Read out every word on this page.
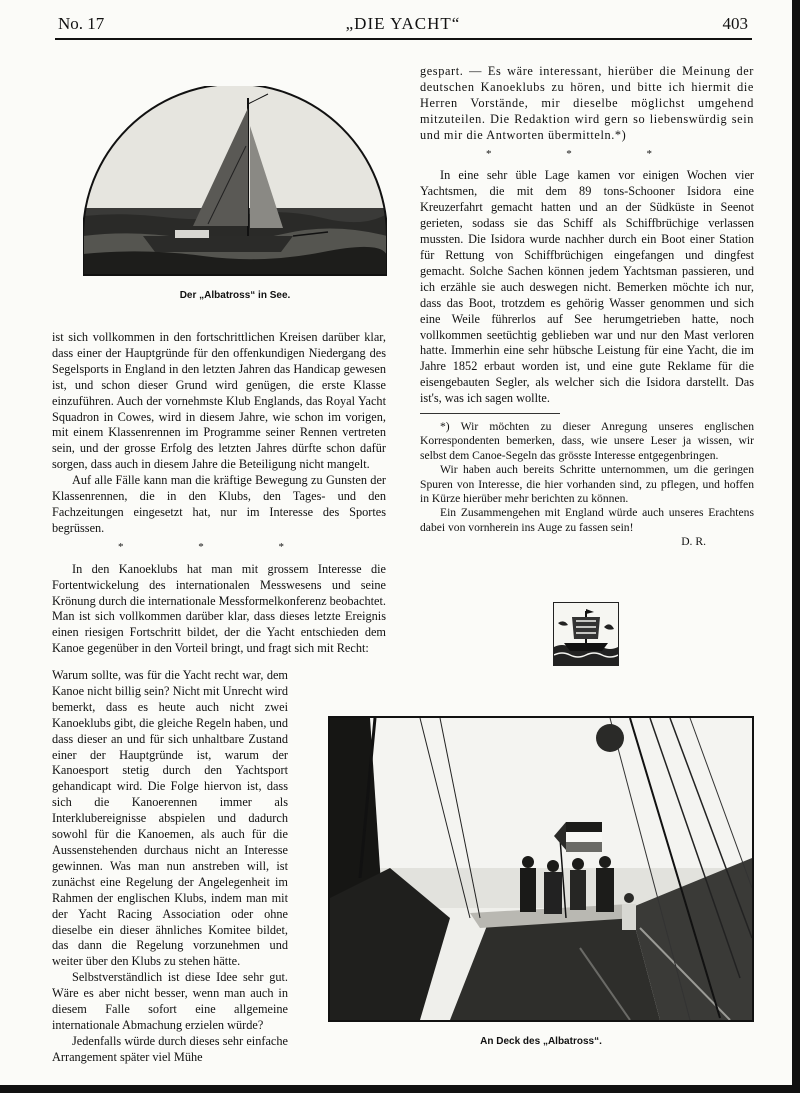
No. 17	„DIE YACHT“	403
Der „Albatross“ in See.

ist sich vollkommen in den fortschrittlichen Kreisen darüber klar, dass einer der Hauptgründe für den offenkundigen Niedergang des Segelsports in England in den letzten Jahren das Handicap gewesen ist, und schon dieser Grund wird genügen, die erste Klasse einzuführen. Auch der vornehmste Klub Englands, das Royal Yacht Squadron in Cowes, wird in diesem Jahre, wie schon im vorigen, mit einem Klassenrennen im Programme seiner Rennen vertreten sein, und der grosse Erfolg des letzten Jahres dürfte schon dafür sorgen, dass auch in diesem Jahre die Beteiligung nicht mangelt.

Auf alle Fälle kann man die kräftige Bewegung zu Gunsten der Klassenrennen, die in den Klubs, den Tages- und den Fachzeitungen eingesetzt hat, nur im Interesse des Sportes begrüssen.

* * *

In den Kanoeklubs hat man mit grossem Interesse die Fortentwickelung des internationalen Messwesens und seine Krönung durch die internationale Messformelkonferenz beobachtet. Man ist sich vollkommen darüber klar, dass dieses letzte Ereignis einen riesigen Fortschritt bildet, der die Yacht entschieden dem Kanoe gegenüber in den Vorteil bringt, und fragt sich mit Recht:

Warum sollte, was für die Yacht recht war, dem Kanoe nicht billig sein? Nicht mit Unrecht wird bemerkt, dass es heute auch nicht zwei Kanoeklubs gibt, die gleiche Regeln haben, und dass dieser an und für sich unhaltbare Zustand einer der Hauptgründe ist, warum der Kanoesport stetig durch den Yachtsport gehandicapt wird. Die Folge hiervon ist, dass sich die Kanoerennen immer als Interklubereignisse abspielen und dadurch sowohl für die Kanoemen, als auch für die Aussenstehenden durchaus nicht an Interesse gewinnen. Was man nun anstreben will, ist zunächst eine Regelung der Angelegenheit im Rahmen der englischen Klubs, indem man mit der Yacht Racing Association oder ohne dieselbe ein dieser ähnliches Komitee bildet, das dann die Regelung vorzunehmen und weiter über den Klubs zu stehen hätte.

Selbstverständlich ist diese Idee sehr gut. Wäre es aber nicht besser, wenn man auch in diesem Falle sofort eine allgemeine internationale Abmachung erzielen würde?

Jedenfalls würde durch dieses sehr einfache Arrangement später viel Mühe

gespart. — Es wäre interessant, hierüber die Meinung der deutschen Kanoeklubs zu hören, und bitte ich hiermit die Herren Vorstände, mir dieselbe möglichst umgehend mitzuteilen. Die Redaktion wird gern so liebenswürdig sein und mir die Antworten übermitteln.*)

* * *

In eine sehr üble Lage kamen vor einigen Wochen vier Yachtsmen, die mit dem 89 tons-Schooner Isidora eine Kreuzerfahrt gemacht hatten und an der Südküste in Seenot gerieten, sodass sie das Schiff als Schiffbrüchige verlassen mussten. Die Isidora wurde nachher durch ein Boot einer Station für Rettung von Schiffbrüchigen eingefangen und dingfest gemacht. Solche Sachen können jedem Yachtsman passieren, und ich erzähle sie auch deswegen nicht. Bemerken möchte ich nur, dass das Boot, trotzdem es gehörig Wasser genommen und sich eine Weile führerlos auf See herumgetrieben hatte, noch vollkommen seetüchtig geblieben war und nur den Mast verloren hatte. Immerhin eine sehr hübsche Leistung für eine Yacht, die im Jahre 1852 erbaut worden ist, und eine gute Reklame für die eisengebauten Segler, als welcher sich die Isidora darstellt. Das ist's, was ich sagen wollte.

*) Wir möchten zu dieser Anregung unseres englischen Korrespondenten bemerken, dass, wie unsere Leser ja wissen, wir selbst dem Canoe-Segeln das grösste Interesse entgegenbringen.

Wir haben auch bereits Schritte unternommen, um die geringen Spuren von Interesse, die hier vorhanden sind, zu pflegen, und hoffen in Kürze hierüber mehr berichten zu können.

Ein Zusammengehen mit England würde auch unseres Erachtens dabei von vornherein ins Auge zu fassen sein!

D. R.

An Deck des „Albatross“.
